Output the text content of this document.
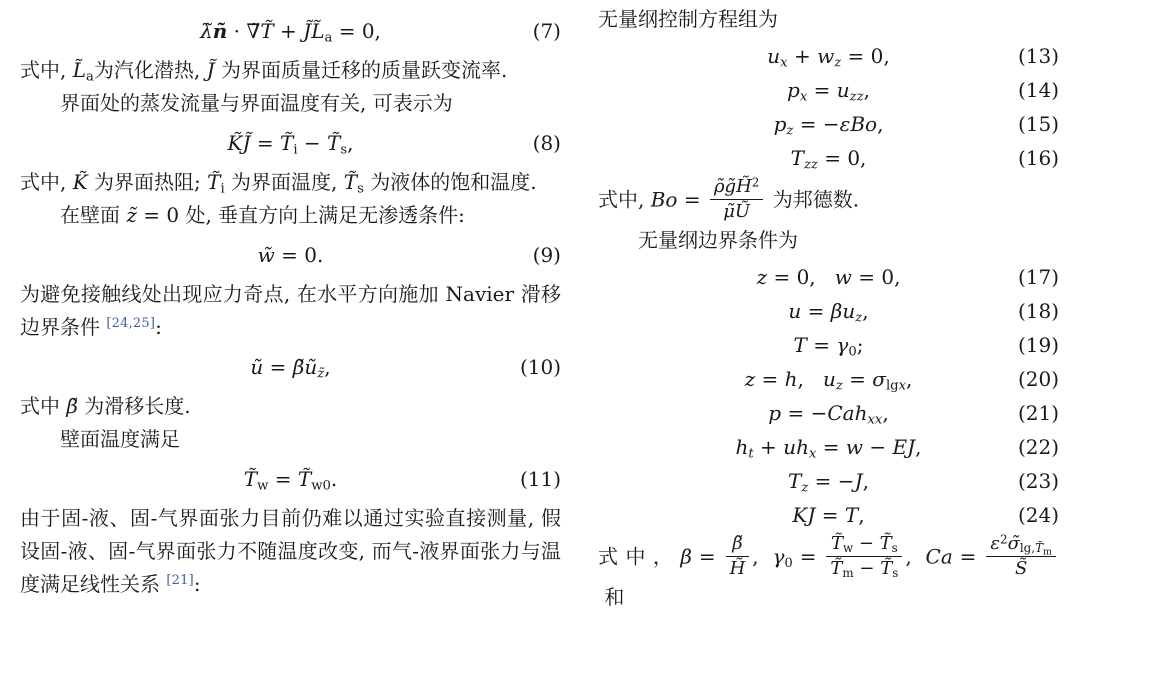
λ̃ñ · ∇̃T̃ + $J̃L̃_a = 0$,	(7)

式中, $L̃_a$为汽化潜热, J̃ 为界面质量迁移的质量跃变流率.

界面处的蒸发流量与界面温度有关, 可表示为

K̃J̃ = $T̃_i$ − $T̃_s$,	(8)

式中, K̃ 为界面热阻; $T̃_i$ 为界面温度, $T̃_s$ 为液体的饱和温度.

在壁面 z̃ = 0 处, 垂直方向上满足无渗透条件:

w̃ = 0.	(9)

为避免接触线处出现应力奇点, 在水平方向施加 Navier 滑移边界条件 [24,25]:

ũ = $\betãũ_{z̃}$,	(10)

式中 β̃ 为滑移长度.

壁面温度满足

$T̃_w$ = $T̃_{w0}$.	(11)

由于固-液、固-气界面张力目前仍难以通过实验直接测量, 假设固-液、固-气界面张力不随温度改变, 而气-液界面张力与温度满足线性关系 [21]:

无量纲控制方程组为

$u_x + w_z = 0$,	(13)
$p_x = u_{zz}$,	(14)
$p_z = -\varepsilon Bo$,	(15)
$T_{zz} = 0$,	(16)

式中, $Bo = \frac{\rhõg̃H̃^2}{\mũŨ}$ 为邦德数.

无量纲边界条件为

z = 0,   w = 0,	(17)
$u = \beta u_z$,	(18)
$T = \gamma_0$;	(19)
z = h,   $u_z = \sigma_{lgx}$,	(20)
p = −Cah$_{xx}$,	(21)
$h_t + uh_x = w$ − EJ,	(22)
$T_z = -J$,	(23)
KJ = T,	(24)

式 中 ， $\beta = \frac{\betã}{H̃}$ ,  $\gamma_0 = \frac{T̃_w - T̃_s}{T̃_m - T̃_s}$ ,  $Ca = \frac{\varepsilon^2\sigmã_{lg,T̃_m}}{S̃}$
和
